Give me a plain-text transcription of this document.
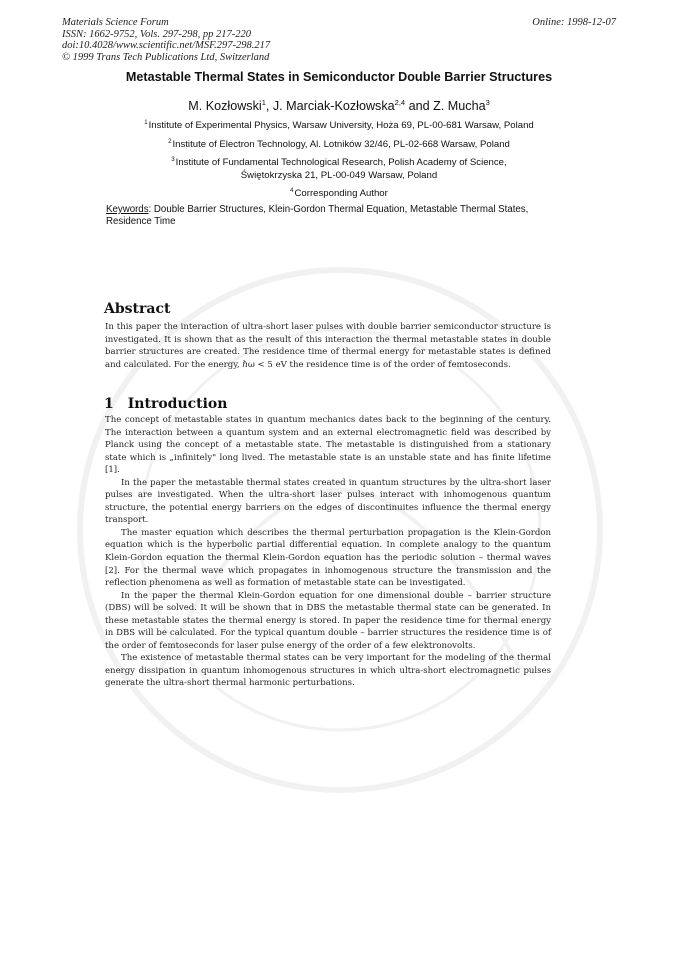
Materials Science Forum
ISSN: 1662-9752, Vols. 297-298, pp 217-220
doi:10.4028/www.scientific.net/MSF.297-298.217
© 1999 Trans Tech Publications Ltd, Switzerland
Online: 1998-12-07
Metastable Thermal States in Semiconductor Double Barrier Structures
M. Kozłowski$^1$, J. Marciak-Kozłowska$^{2,4}$ and Z. Mucha$^3$
$^1$Institute of Experimental Physics, Warsaw University, Hoża 69, PL-00-681 Warsaw, Poland
$^2$Institute of Electron Technology, Al. Lotników 32/46, PL-02-668 Warsaw, Poland
$^3$Institute of Fundamental Technological Research, Polish Academy of Science,
Świętokrzyska 21, PL-00-049 Warsaw, Poland
$^4$Corresponding Author
Keywords: Double Barrier Structures, Klein-Gordon Thermal Equation, Metastable Thermal States, Residence Time
Abstract

In this paper the interaction of ultra-short laser pulses with double barrier semiconductor structure is investigated. It is shown that as the result of this interaction the thermal metastable states in double barrier structures are created. The residence time of thermal energy for metastable states is defined and calculated. For the energy, ℏω < 5 eV the residence time is of the order of femtoseconds.

1 Introduction

The concept of metastable states in quantum mechanics dates back to the beginning of the century. The interaction between a quantum system and an external electromagnetic field was described by Planck using the concept of a metastable state. The metastable is distinguished from a stationary state which is „infinitely" long lived. The metastable state is an unstable state and has finite lifetime [1].

In the paper the metastable thermal states created in quantum structures by the ultra-short laser pulses are investigated. When the ultra-short laser pulses interact with inhomogenous quantum structure, the potential energy barriers on the edges of discontinuites influence the thermal energy transport.

The master equation which describes the thermal perturbation propagation is the Klein-Gordon equation which is the hyperbolic partial differential equation. In complete analogy to the quantum Klein-Gordon equation the thermal Klein-Gordon equation has the periodic solution – thermal waves [2]. For the thermal wave which propagates in inhomogenous structure the transmission and the reflection phenomena as well as formation of metastable state can be investigated.

In the paper the thermal Klein-Gordon equation for one dimensional double – barrier structure (DBS) will be solved. It will be shown that in DBS the metastable thermal state can be generated. In these metastable states the thermal energy is stored. In paper the residence time for thermal energy in DBS will be calculated. For the typical quantum double – barrier structures the residence time is of the order of femtoseconds for laser pulse energy of the order of a few elektronovolts.

The existence of metastable thermal states can be very important for the modeling of the thermal energy dissipation in quantum inhomogenous structures in which ultra-short electromagnetic pulses generate the ultra-short thermal harmonic perturbations.
